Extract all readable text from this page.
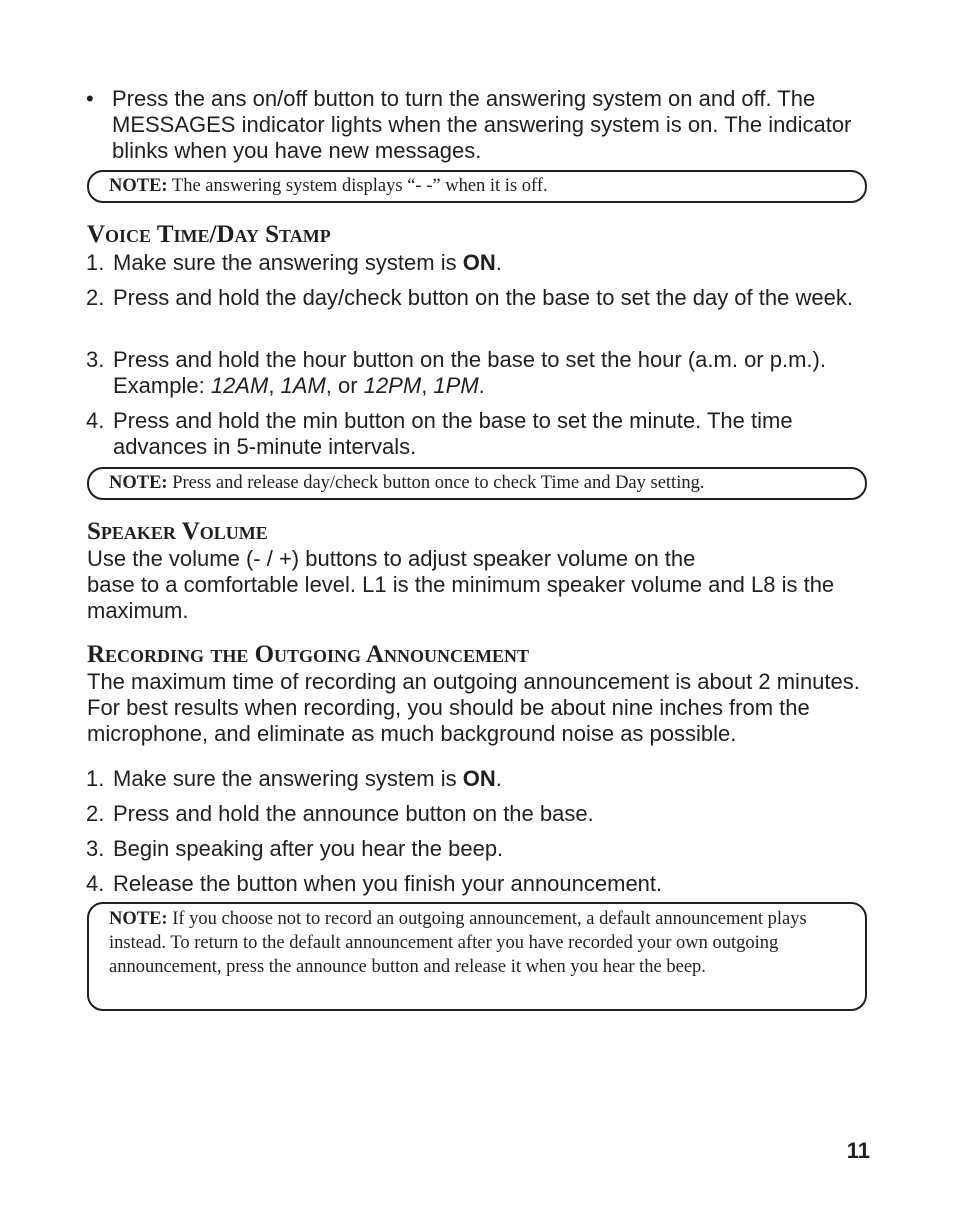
• Press the ans on/off button to turn the answering system on and off. The MESSAGES indicator lights when the answering system is on. The indicator blinks when you have new messages.
NOTE: The answering system displays “- -” when it is off.
Voice Time/Day Stamp
1. Make sure the answering system is ON.
2. Press and hold the day/check button on the base to set the day of the week.
3. Press and hold the hour button on the base to set the hour (a.m. or p.m.). Example: 12AM, 1AM, or 12PM, 1PM.
4. Press and hold the min button on the base to set the minute. The time advances in 5-minute intervals.
NOTE: Press and release day/check button once to check Time and Day setting.
Speaker Volume
Use the volume (- / +) buttons to adjust speaker volume on the
base to a comfortable level. L1 is the minimum speaker volume and L8 is the maximum.
Recording the Outgoing Announcement
The maximum time of recording an outgoing announcement is about 2 minutes. For best results when recording, you should be about nine inches from the microphone, and eliminate as much background noise as possible.
1. Make sure the answering system is ON.
2. Press and hold the announce button on the base.
3. Begin speaking after you hear the beep.
4. Release the button when you finish your announcement.
NOTE: If you choose not to record an outgoing announcement, a default announcement plays instead. To return to the default announcement after you have recorded your own outgoing announcement, press the announce button and release it when you hear the beep.
11
